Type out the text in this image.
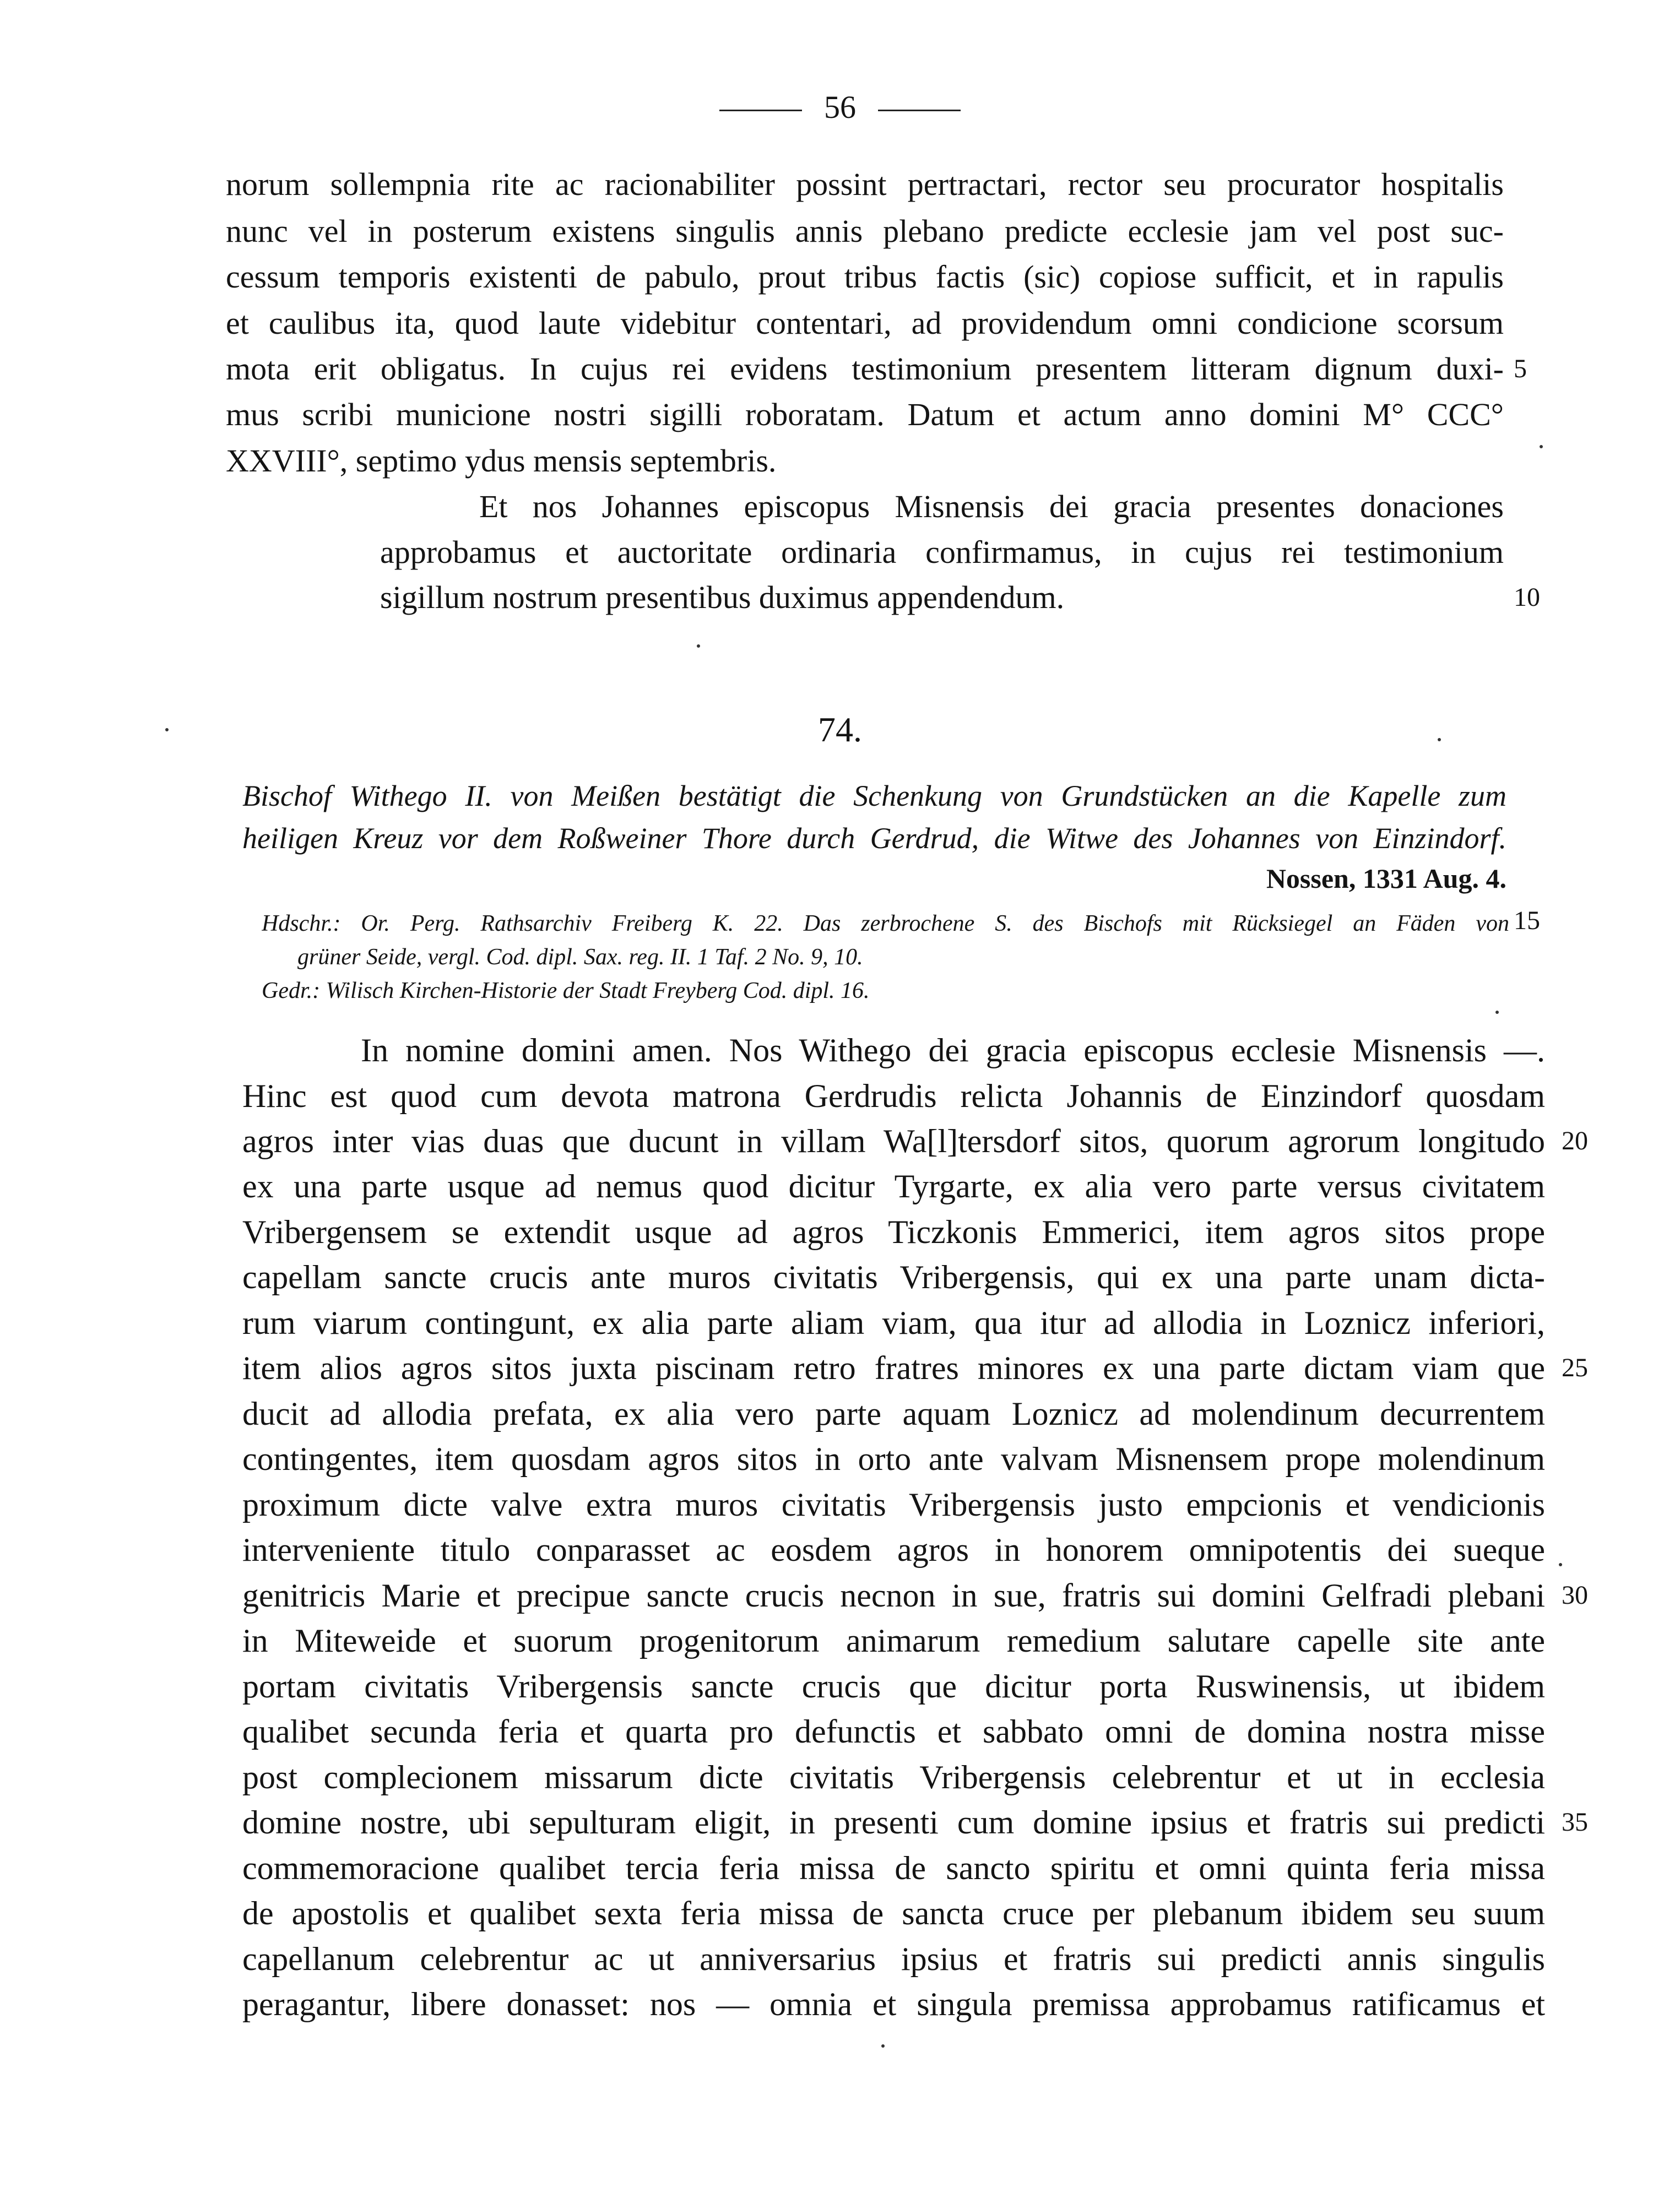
56
norum sollempnia rite ac racionabiliter possint pertractari, rector seu procurator hospitalis
nunc vel in posterum existens singulis annis plebano predicte ecclesie jam vel post suc-
cessum temporis existenti de pabulo, prout tribus factis (sic) copiose sufficit, et in rapulis
et caulibus ita, quod laute videbitur contentari, ad providendum omni condicione scorsum
mota erit obligatus. In cujus rei evidens testimonium presentem litteram dignum duxi-
mus scribi municione nostri sigilli roboratam. Datum et actum anno domini M° CCC°
XXVIII°, septimo ydus mensis septembris.
Et nos Johannes episcopus Misnensis dei gracia presentes donaciones
approbamus et auctoritate ordinaria confirmamus, in cujus rei testimonium
sigillum nostrum presentibus duximus appendendum.
5
10
74.
Bischof Withego II. von Meißen bestätigt die Schenkung von Grundstücken an die Kapelle zum
heiligen Kreuz vor dem Roßweiner Thore durch Gerdrud, die Witwe des Johannes von Einzindorf.
Nossen, 1331 Aug. 4.
Hdschr.: Or. Perg. Rathsarchiv Freiberg K. 22. Das zerbrochene S. des Bischofs mit Rücksiegel an Fäden von
grüner Seide, vergl. Cod. dipl. Sax. reg. II. 1 Taf. 2 No. 9, 10.
Gedr.: Wilisch Kirchen-Historie der Stadt Freyberg Cod. dipl. 16.
15
In nomine domini amen. Nos Withego dei gracia episcopus ecclesie Misnensis —.
Hinc est quod cum devota matrona Gerdrudis relicta Johannis de Einzindorf quosdam
agros inter vias duas que ducunt in villam Wa[l]tersdorf sitos, quorum agrorum longitudo
ex una parte usque ad nemus quod dicitur Tyrgarte, ex alia vero parte versus civitatem
Vribergensem se extendit usque ad agros Ticzkonis Emmerici, item agros sitos prope
capellam sancte crucis ante muros civitatis Vribergensis, qui ex una parte unam dicta-
rum viarum contingunt, ex alia parte aliam viam, qua itur ad allodia in Loznicz inferiori,
item alios agros sitos juxta piscinam retro fratres minores ex una parte dictam viam que
ducit ad allodia prefata, ex alia vero parte aquam Loznicz ad molendinum decurrentem
contingentes, item quosdam agros sitos in orto ante valvam Misnensem prope molendinum
proximum dicte valve extra muros civitatis Vribergensis justo empcionis et vendicionis
interveniente titulo conparasset ac eosdem agros in honorem omnipotentis dei sueque
genitricis Marie et precipue sancte crucis necnon in sue, fratris sui domini Gelfradi plebani
in Miteweide et suorum progenitorum animarum remedium salutare capelle site ante
portam civitatis Vribergensis sancte crucis que dicitur porta Ruswinensis, ut ibidem
qualibet secunda feria et quarta pro defunctis et sabbato omni de domina nostra misse
post complecionem missarum dicte civitatis Vribergensis celebrentur et ut in ecclesia
domine nostre, ubi sepulturam eligit, in presenti cum domine ipsius et fratris sui predicti
commemoracione qualibet tercia feria missa de sancto spiritu et omni quinta feria missa
de apostolis et qualibet sexta feria missa de sancta cruce per plebanum ibidem seu suum
capellanum celebrentur ac ut anniversarius ipsius et fratris sui predicti annis singulis
peragantur, libere donasset: nos — omnia et singula premissa approbamus ratificamus et
20
25
30
35
